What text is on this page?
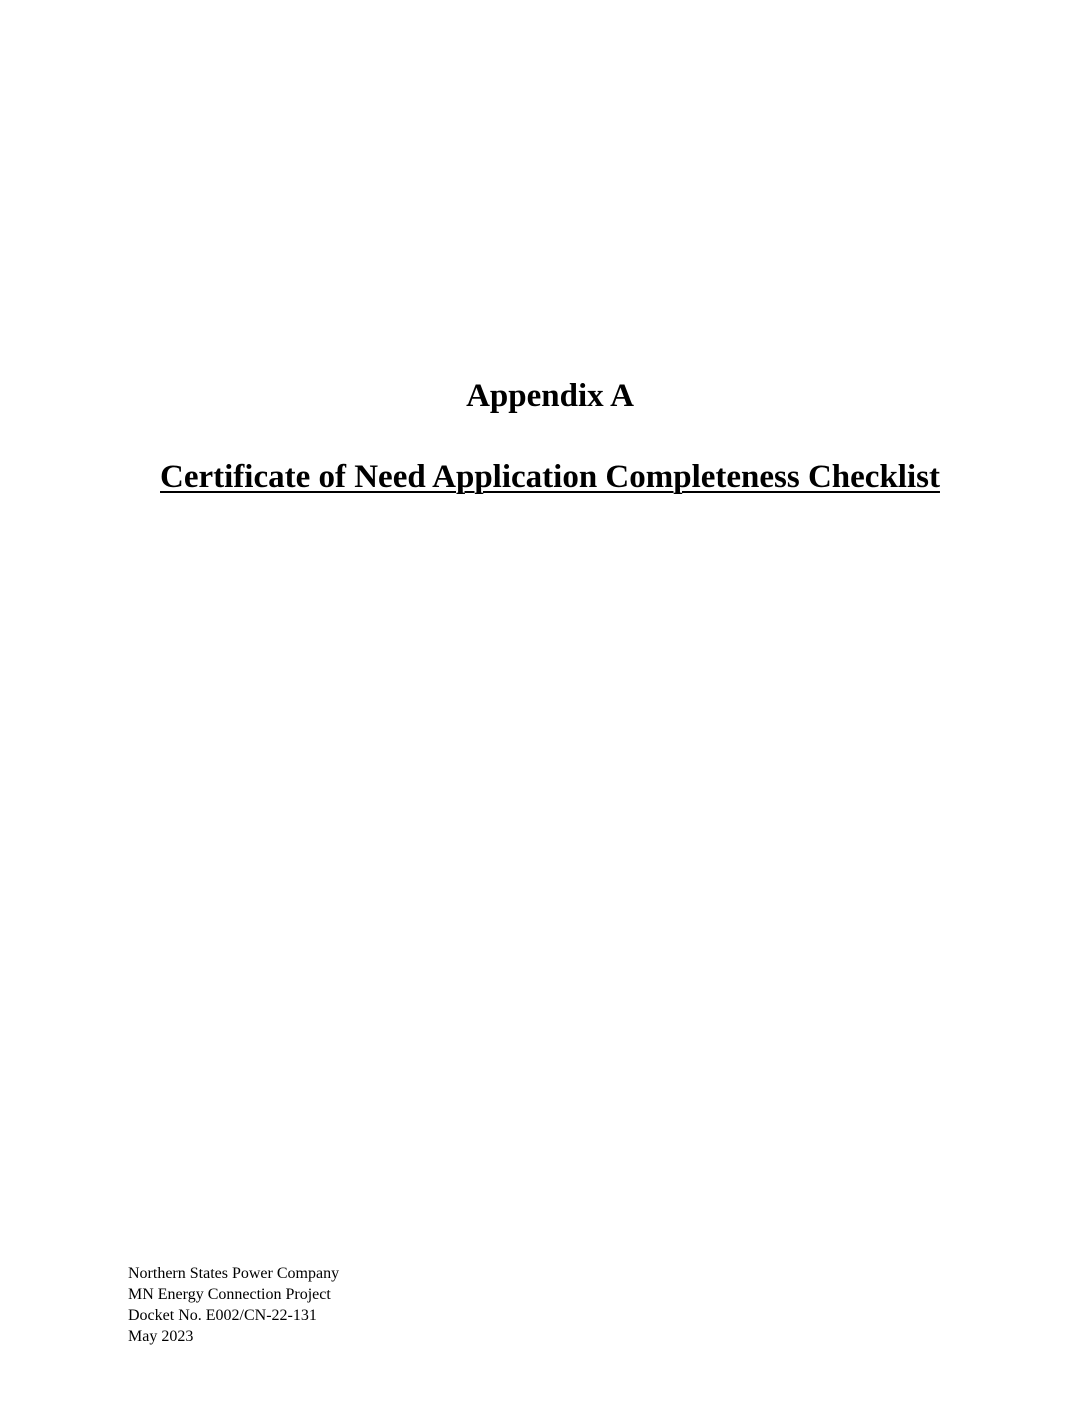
Appendix A
Certificate of Need Application Completeness Checklist
Northern States Power Company
MN Energy Connection Project
Docket No. E002/CN-22-131
May 2023
